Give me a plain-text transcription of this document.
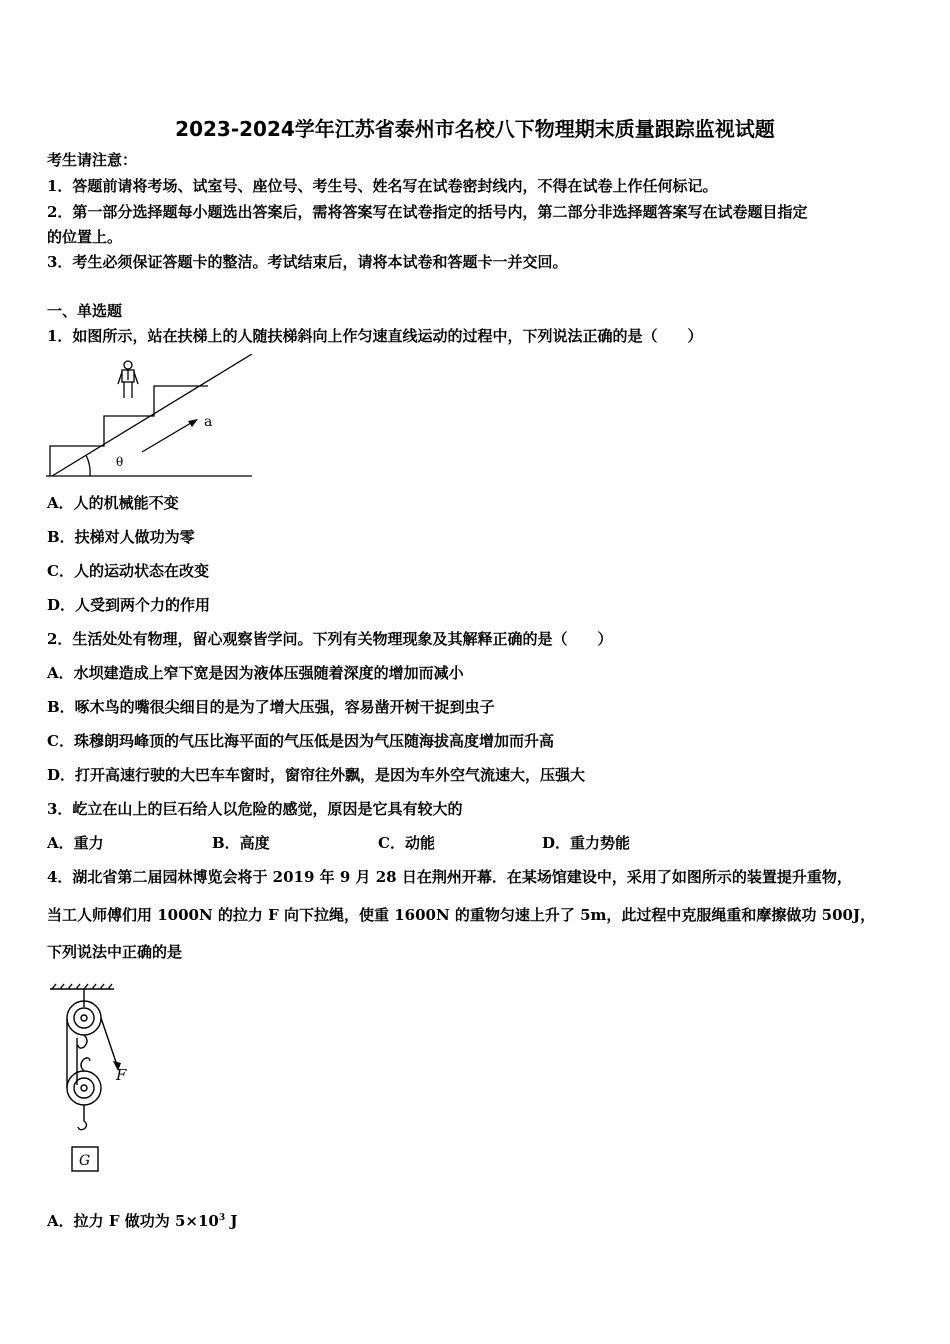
2023-2024学年江苏省泰州市名校八下物理期末质量跟踪监视试题
考生请注意：
1．答题前请将考场、试室号、座位号、考生号、姓名写在试卷密封线内，不得在试卷上作任何标记。
2．第一部分选择题每小题选出答案后，需将答案写在试卷指定的括号内，第二部分非选择题答案写在试卷题目指定
的位置上。
3．考生必须保证答题卡的整洁。考试结束后，请将本试卷和答题卡一并交回。
一、单选题
1．如图所示，站在扶梯上的人随扶梯斜向上作匀速直线运动的过程中，下列说法正确的是（　　）
a
θ
A．人的机械能不变
B．扶梯对人做功为零
C．人的运动状态在改变
D．人受到两个力的作用
2．生活处处有物理，留心观察皆学问。下列有关物理现象及其解释正确的是（　　）
A．水坝建造成上窄下宽是因为液体压强随着深度的增加而减小
B．啄木鸟的嘴很尖细目的是为了增大压强，容易凿开树干捉到虫子
C．珠穆朗玛峰顶的气压比海平面的气压低是因为气压随海拔高度增加而升高
D．打开高速行驶的大巴车车窗时，窗帘往外飘，是因为车外空气流速大，压强大
3．屹立在山上的巨石给人以危险的感觉，原因是它具有较大的
A．重力	B．高度	C．动能	D．重力势能
4．湖北省第二届园林博览会将于 2019 年 9 月 28 日在荆州开幕．在某场馆建设中，采用了如图所示的装置提升重物，
当工人师傅们用 1000N 的拉力 F 向下拉绳，使重 1600N 的重物匀速上升了 5m，此过程中克服绳重和摩擦做功 500J，
下列说法中正确的是
F
G
A．拉力 F 做功为 $5\times 10^3$ J
